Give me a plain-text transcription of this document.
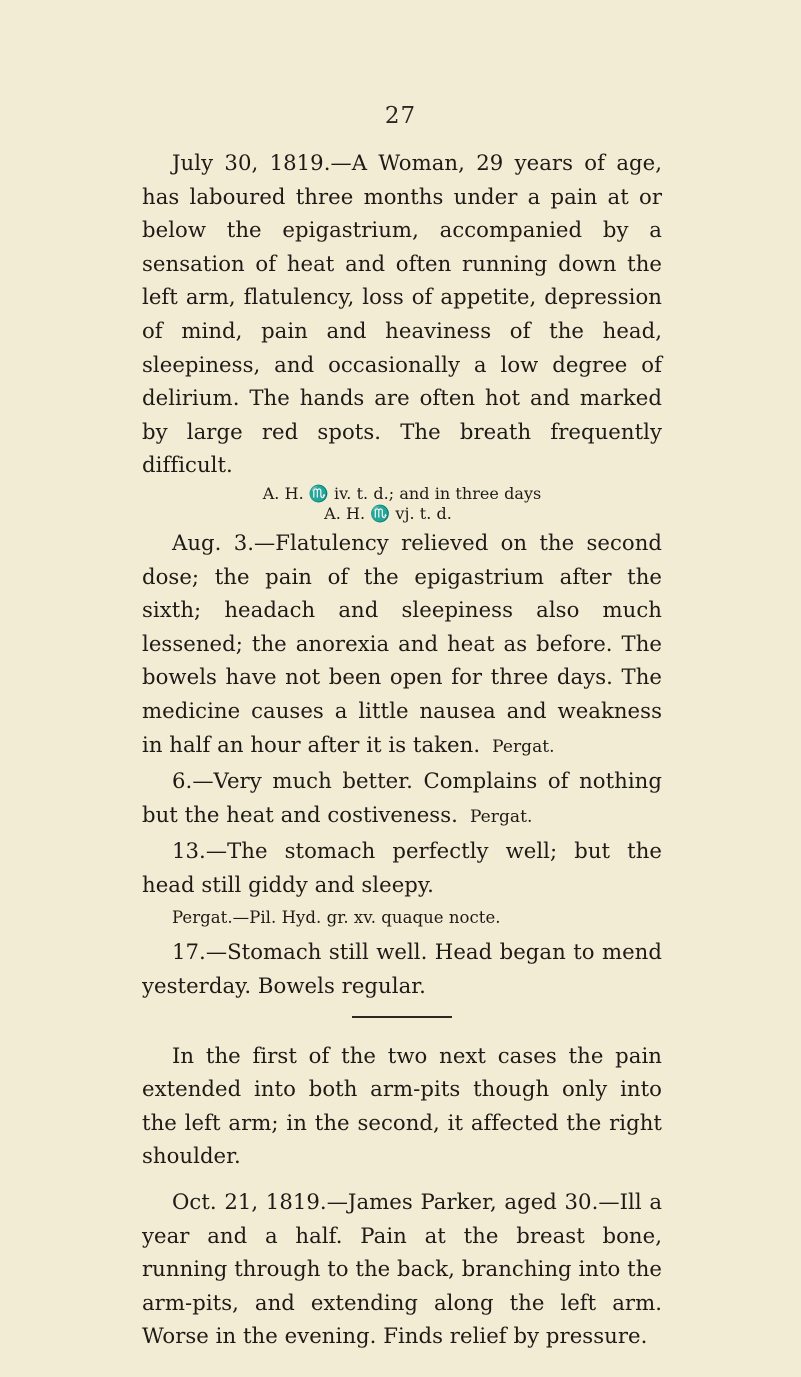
27

July 30, 1819.—A Woman, 29 years of age, has laboured three months under a pain at or below the epigastrium, accompanied by a sensation of heat and often running down the left arm, flatulency, loss of appetite, depression of mind, pain and heaviness of the head, sleepiness, and occasionally a low degree of delirium. The hands are often hot and marked by large red spots. The breath frequently difficult.

A. H. ♏ iv. t. d.; and in three days
A. H. ♏ vj. t. d.

Aug. 3.—Flatulency relieved on the second dose; the pain of the epigastrium after the sixth; headach and sleepiness also much lessened; the anorexia and heat as before. The bowels have not been open for three days. The medicine causes a little nausea and weakness in half an hour after it is taken. Pergat.

6.—Very much better. Complains of nothing but the heat and costiveness. Pergat.

13.—The stomach perfectly well; but the head still giddy and sleepy.

Pergat.—Pil. Hyd. gr. xv. quaque nocte.

17.—Stomach still well. Head began to mend yesterday. Bowels regular.

In the first of the two next cases the pain extended into both arm-pits though only into the left arm; in the second, it affected the right shoulder.

Oct. 21, 1819.—James Parker, aged 30.—Ill a year and a half. Pain at the breast bone, running through to the back, branching into the arm-pits, and extending along the left arm. Worse in the evening. Finds relief by pressure.
